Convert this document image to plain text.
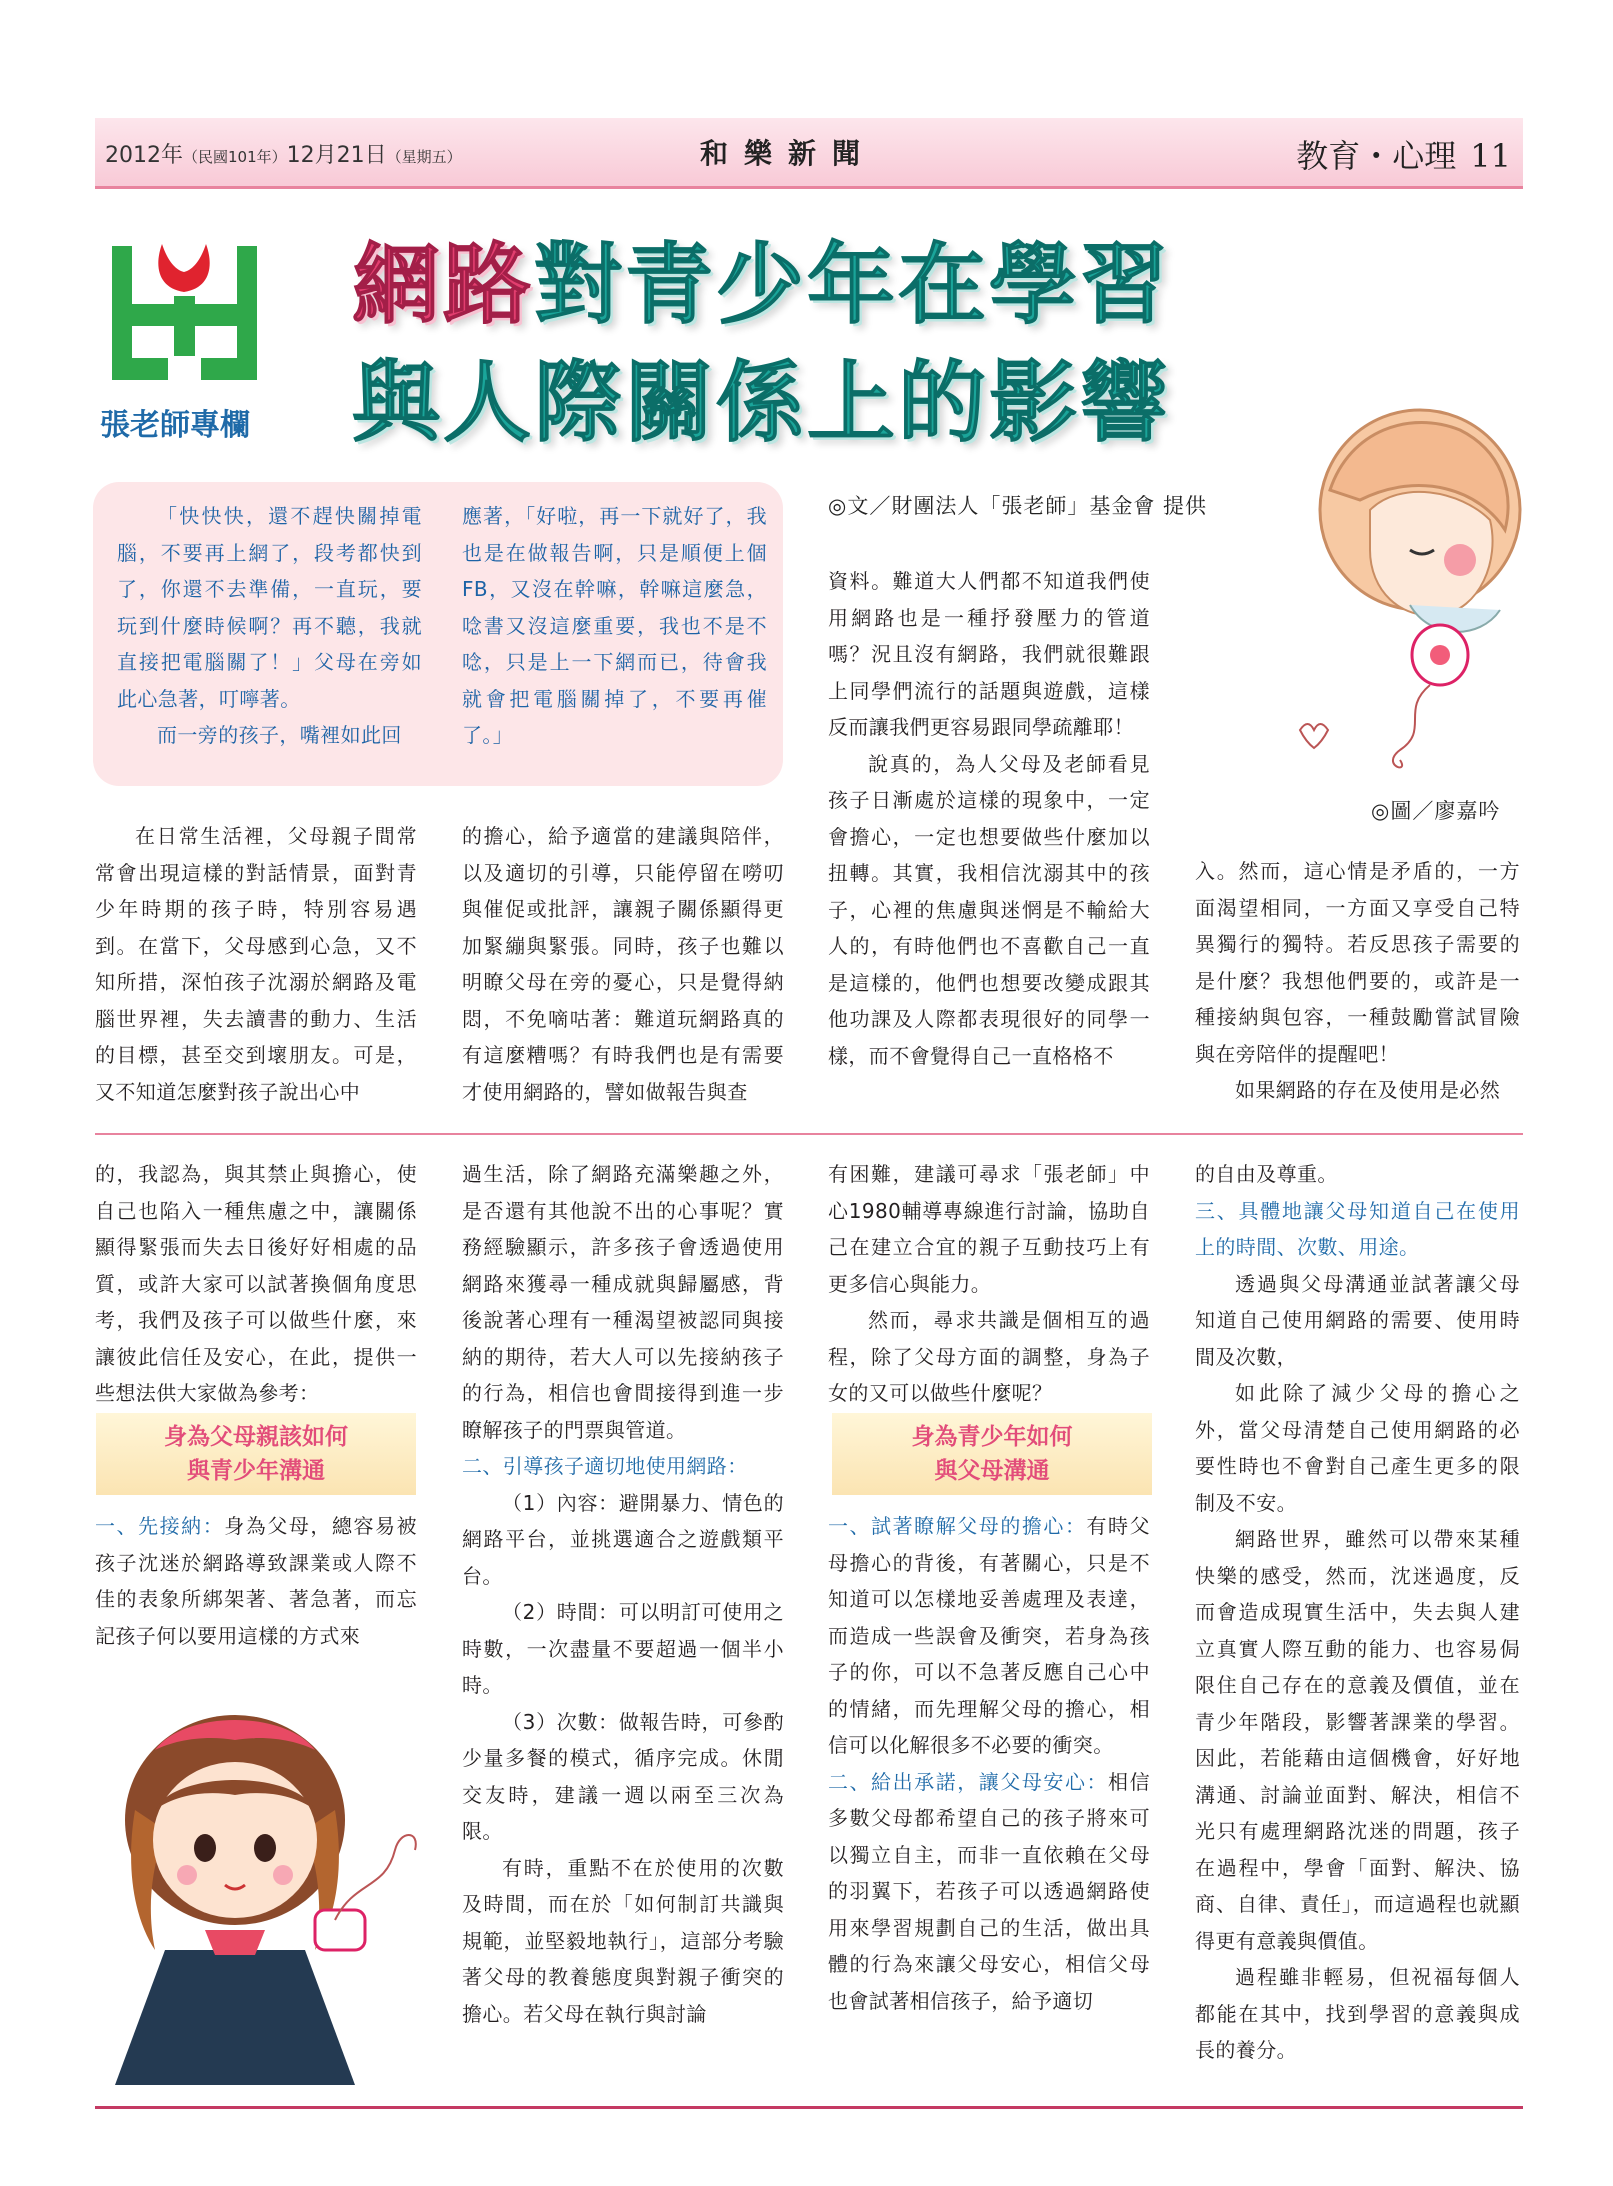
2012年（民國101年）12月21日（星期五）	和樂新聞	教育・心理 11
張老師專欄
網路對青少年在學習
與人際關係上的影響

「快快快，還不趕快關掉電腦，不要再上網了，段考都快到了，你還不去準備，一直玩，要玩到什麼時候啊？再不聽，我就直接把電腦關了！」父母在旁如此心急著，叮嚀著。

而一旁的孩子，嘴裡如此回

應著，「好啦，再一下就好了，我也是在做報告啊，只是順便上個FB，又沒在幹嘛，幹嘛這麼急，唸書又沒這麼重要，我也不是不唸，只是上一下網而已，待會我就會把電腦關掉了，不要再催了。」

◎文／財團法人「張老師」基金會 提供
◎圖／廖嘉吟

在日常生活裡，父母親子間常常會出現這樣的對話情景，面對青少年時期的孩子時，特別容易遇到。在當下，父母感到心急，又不知所措，深怕孩子沈溺於網路及電腦世界裡，失去讀書的動力、生活的目標，甚至交到壞朋友。可是，又不知道怎麼對孩子說出心中

的擔心，給予適當的建議與陪伴，以及適切的引導，只能停留在嘮叨與催促或批評，讓親子關係顯得更加緊繃與緊張。同時，孩子也難以明瞭父母在旁的憂心，只是覺得納悶，不免嘀咕著：難道玩網路真的有這麼糟嗎？有時我們也是有需要才使用網路的，譬如做報告與查

資料。難道大人們都不知道我們使用網路也是一種抒發壓力的管道嗎？況且沒有網路，我們就很難跟上同學們流行的話題與遊戲，這樣反而讓我們更容易跟同學疏離耶！

說真的，為人父母及老師看見孩子日漸處於這樣的現象中，一定會擔心，一定也想要做些什麼加以扭轉。其實，我相信沈溺其中的孩子，心裡的焦慮與迷惘是不輸給大人的，有時他們也不喜歡自己一直是這樣的，他們也想要改變成跟其他功課及人際都表現很好的同學一樣，而不會覺得自己一直格格不

入。然而，這心情是矛盾的，一方面渴望相同，一方面又享受自己特異獨行的獨特。若反思孩子需要的是什麼？我想他們要的，或許是一種接納與包容，一種鼓勵嘗試冒險與在旁陪伴的提醒吧！

如果網路的存在及使用是必然

的，我認為，與其禁止與擔心，使自己也陷入一種焦慮之中，讓關係顯得緊張而失去日後好好相處的品質，或許大家可以試著換個角度思考，我們及孩子可以做些什麼，來讓彼此信任及安心，在此，提供一些想法供大家做為參考：

身為父母親該如何
與青少年溝通

一、先接納：身為父母，總容易被孩子沈迷於網路導致課業或人際不佳的表象所綁架著、著急著，而忘記孩子何以要用這樣的方式來

過生活，除了網路充滿樂趣之外，是否還有其他說不出的心事呢？實務經驗顯示，許多孩子會透過使用網路來獲尋一種成就與歸屬感，背後說著心理有一種渴望被認同與接納的期待，若大人可以先接納孩子的行為，相信也會間接得到進一步瞭解孩子的門票與管道。

二、引導孩子適切地使用網路：

（1）內容：避開暴力、情色的網路平台，並挑選適合之遊戲類平台。

（2）時間：可以明訂可使用之時數，一次盡量不要超過一個半小時。

（3）次數：做報告時，可參酌少量多餐的模式，循序完成。休閒交友時，建議一週以兩至三次為限。

有時，重點不在於使用的次數及時間，而在於「如何制訂共識與規範，並堅毅地執行」，這部分考驗著父母的教養態度與對親子衝突的擔心。若父母在執行與討論

有困難，建議可尋求「張老師」中心1980輔導專線進行討論，協助自己在建立合宜的親子互動技巧上有更多信心與能力。

然而，尋求共識是個相互的過程，除了父母方面的調整，身為子女的又可以做些什麼呢？

身為青少年如何
與父母溝通

一、試著瞭解父母的擔心：有時父母擔心的背後，有著關心，只是不知道可以怎樣地妥善處理及表達，而造成一些誤會及衝突，若身為孩子的你，可以不急著反應自己心中的情緒，而先理解父母的擔心，相信可以化解很多不必要的衝突。

二、給出承諾，讓父母安心：相信多數父母都希望自己的孩子將來可以獨立自主，而非一直依賴在父母的羽翼下，若孩子可以透過網路使用來學習規劃自己的生活，做出具體的行為來讓父母安心，相信父母也會試著相信孩子，給予適切

的自由及尊重。

三、具體地讓父母知道自己在使用上的時間、次數、用途。

透過與父母溝通並試著讓父母知道自己使用網路的需要、使用時間及次數，

如此除了減少父母的擔心之外，當父母清楚自己使用網路的必要性時也不會對自己產生更多的限制及不安。

網路世界，雖然可以帶來某種快樂的感受，然而，沈迷過度，反而會造成現實生活中，失去與人建立真實人際互動的能力、也容易侷限住自己存在的意義及價值，並在青少年階段，影響著課業的學習。因此，若能藉由這個機會，好好地溝通、討論並面對、解決，相信不光只有處理網路沈迷的問題，孩子在過程中，學會「面對、解決、協商、自律、責任」，而這過程也就顯得更有意義與價值。

過程雖非輕易，但祝福每個人都能在其中，找到學習的意義與成長的養分。
